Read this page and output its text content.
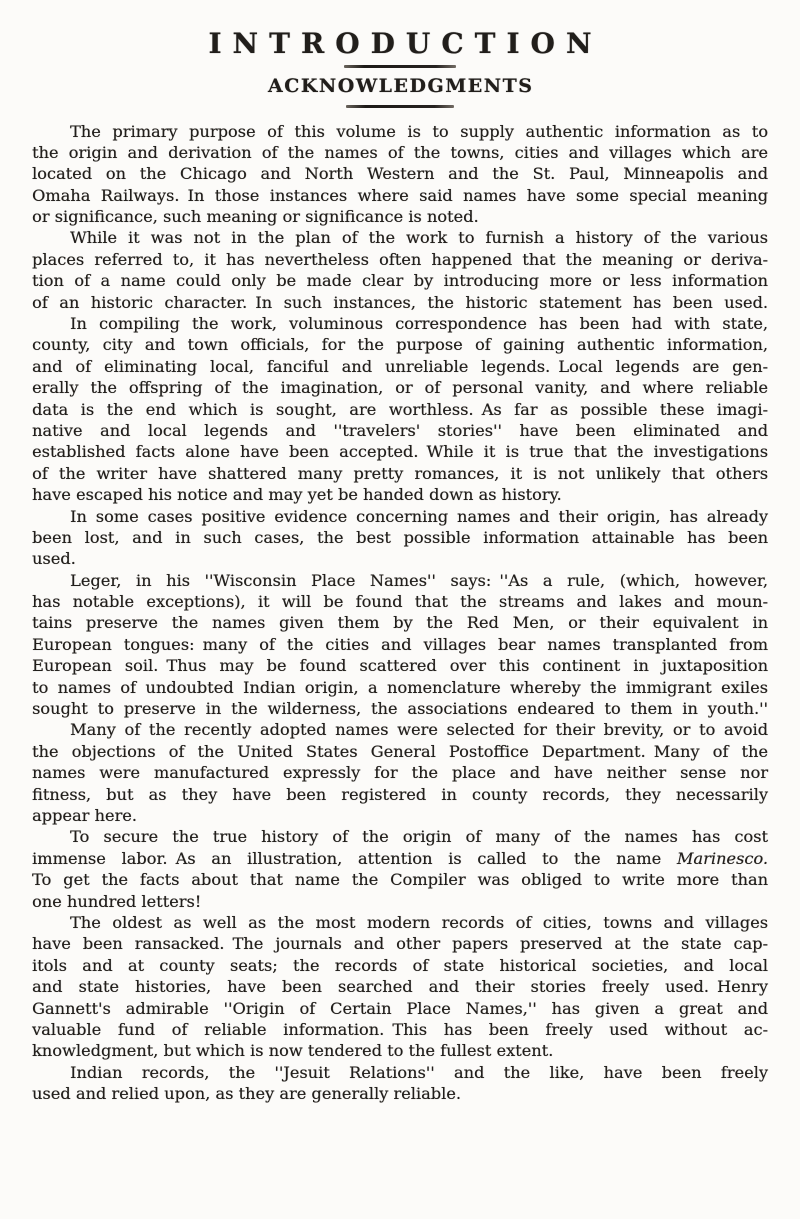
INTRODUCTION
ACKNOWLEDGMENTS
The primary purpose of this volume is to supply authentic information as to
the origin and derivation of the names of the towns, cities and villages which are
located on the Chicago and North Western and the St. Paul, Minneapolis and
Omaha Railways. In those instances where said names have some special meaning
or significance, such meaning or significance is noted.
While it was not in the plan of the work to furnish a history of the various
places referred to, it has nevertheless often happened that the meaning or deriva-
tion of a name could only be made clear by introducing more or less information
of an historic character. In such instances, the historic statement has been used.
In compiling the work, voluminous correspondence has been had with state,
county, city and town officials, for the purpose of gaining authentic information,
and of eliminating local, fanciful and unreliable legends. Local legends are gen-
erally the offspring of the imagination, or of personal vanity, and where reliable
data is the end which is sought, are worthless. As far as possible these imagi-
native and local legends and ''travelers' stories'' have been eliminated and
established facts alone have been accepted. While it is true that the investigations
of the writer have shattered many pretty romances, it is not unlikely that others
have escaped his notice and may yet be handed down as history.
In some cases positive evidence concerning names and their origin, has already
been lost, and in such cases, the best possible information attainable has been
used.
Leger, in his ''Wisconsin Place Names'' says: ''As a rule, (which, however,
has notable exceptions), it will be found that the streams and lakes and moun-
tains preserve the names given them by the Red Men, or their equivalent in
European tongues: many of the cities and villages bear names transplanted from
European soil. Thus may be found scattered over this continent in juxtaposition
to names of undoubted Indian origin, a nomenclature whereby the immigrant exiles
sought to preserve in the wilderness, the associations endeared to them in youth.''
Many of the recently adopted names were selected for their brevity, or to avoid
the objections of the United States General Postoffice Department. Many of the
names were manufactured expressly for the place and have neither sense nor
fitness, but as they have been registered in county records, they necessarily
appear here.
To secure the true history of the origin of many of the names has cost
immense labor. As an illustration, attention is called to the name Marinesco.
To get the facts about that name the Compiler was obliged to write more than
one hundred letters!
The oldest as well as the most modern records of cities, towns and villages
have been ransacked. The journals and other papers preserved at the state cap-
itols and at county seats; the records of state historical societies, and local
and state histories, have been searched and their stories freely used. Henry
Gannett's admirable ''Origin of Certain Place Names,'' has given a great and
valuable fund of reliable information. This has been freely used without ac-
knowledgment, but which is now tendered to the fullest extent.
Indian records, the ''Jesuit Relations'' and the like, have been freely
used and relied upon, as they are generally reliable.
